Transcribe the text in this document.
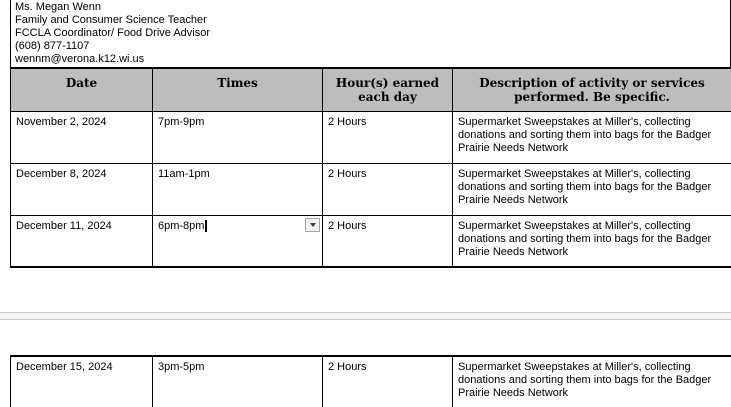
Ms. Megan Wenn
Family and Consumer Science Teacher
FCCLA Coordinator/ Food Drive Advisor
(608) 877-1107
wennm@verona.k12.wi.us
Date	Times	Hour(s) earned each day	Description of activity or services performed. Be specific.
November 2, 2024	7pm-9pm	2 Hours	Supermarket Sweepstakes at Miller's, collecting donations and sorting them into bags for the Badger Prairie Needs Network
December 8, 2024	11am-1pm	2 Hours	Supermarket Sweepstakes at Miller's, collecting donations and sorting them into bags for the Badger Prairie Needs Network
December 11, 2024	6pm-8pm	2 Hours	Supermarket Sweepstakes at Miller's, collecting donations and sorting them into bags for the Badger Prairie Needs Network
December 15, 2024	3pm-5pm	2 Hours	Supermarket Sweepstakes at Miller's, collecting donations and sorting them into bags for the Badger Prairie Needs Network
